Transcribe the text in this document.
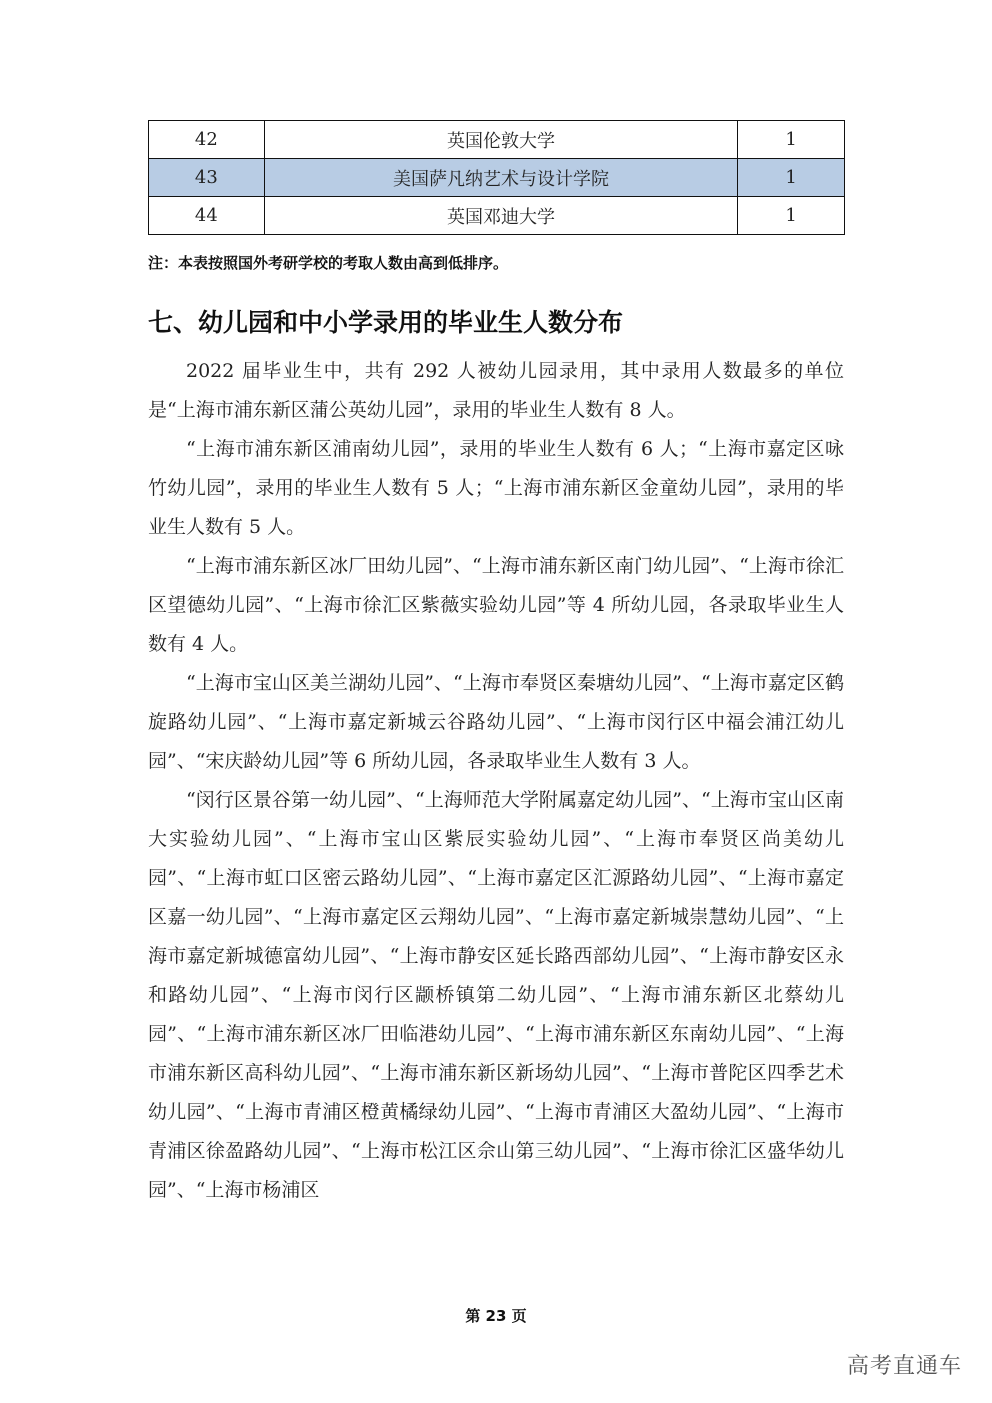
42	英国伦敦大学	1
43	美国萨凡纳艺术与设计学院	1
44	英国邓迪大学	1
注：本表按照国外考研学校的考取人数由高到低排序。
七、幼儿园和中小学录用的毕业生人数分布

2022 届毕业生中，共有 292 人被幼儿园录用，其中录用人数最多的单位是“上海市浦东新区蒲公英幼儿园”，录用的毕业生人数有 8 人。

“上海市浦东新区浦南幼儿园”，录用的毕业生人数有 6 人；“上海市嘉定区咏竹幼儿园”，录用的毕业生人数有 5 人；“上海市浦东新区金童幼儿园”，录用的毕业生人数有 5 人。

“上海市浦东新区冰厂田幼儿园”、“上海市浦东新区南门幼儿园”、“上海市徐汇区望德幼儿园”、“上海市徐汇区紫薇实验幼儿园”等 4 所幼儿园，各录取毕业生人数有 4 人。

“上海市宝山区美兰湖幼儿园”、“上海市奉贤区秦塘幼儿园”、“上海市嘉定区鹤旋路幼儿园”、“上海市嘉定新城云谷路幼儿园”、“上海市闵行区中福会浦江幼儿园”、“宋庆龄幼儿园”等 6 所幼儿园，各录取毕业生人数有 3 人。

“闵行区景谷第一幼儿园”、“上海师范大学附属嘉定幼儿园”、“上海市宝山区南大实验幼儿园”、“上海市宝山区紫辰实验幼儿园”、“上海市奉贤区尚美幼儿园”、“上海市虹口区密云路幼儿园”、“上海市嘉定区汇源路幼儿园”、“上海市嘉定区嘉一幼儿园”、“上海市嘉定区云翔幼儿园”、“上海市嘉定新城崇慧幼儿园”、“上海市嘉定新城德富幼儿园”、“上海市静安区延长路西部幼儿园”、“上海市静安区永和路幼儿园”、“上海市闵行区颛桥镇第二幼儿园”、“上海市浦东新区北蔡幼儿园”、“上海市浦东新区冰厂田临港幼儿园”、“上海市浦东新区东南幼儿园”、“上海市浦东新区高科幼儿园”、“上海市浦东新区新场幼儿园”、“上海市普陀区四季艺术幼儿园”、“上海市青浦区橙黄橘绿幼儿园”、“上海市青浦区大盈幼儿园”、“上海市青浦区徐盈路幼儿园”、“上海市松江区佘山第三幼儿园”、“上海市徐汇区盛华幼儿园”、“上海市杨浦区

第 23 页
高考直通车
